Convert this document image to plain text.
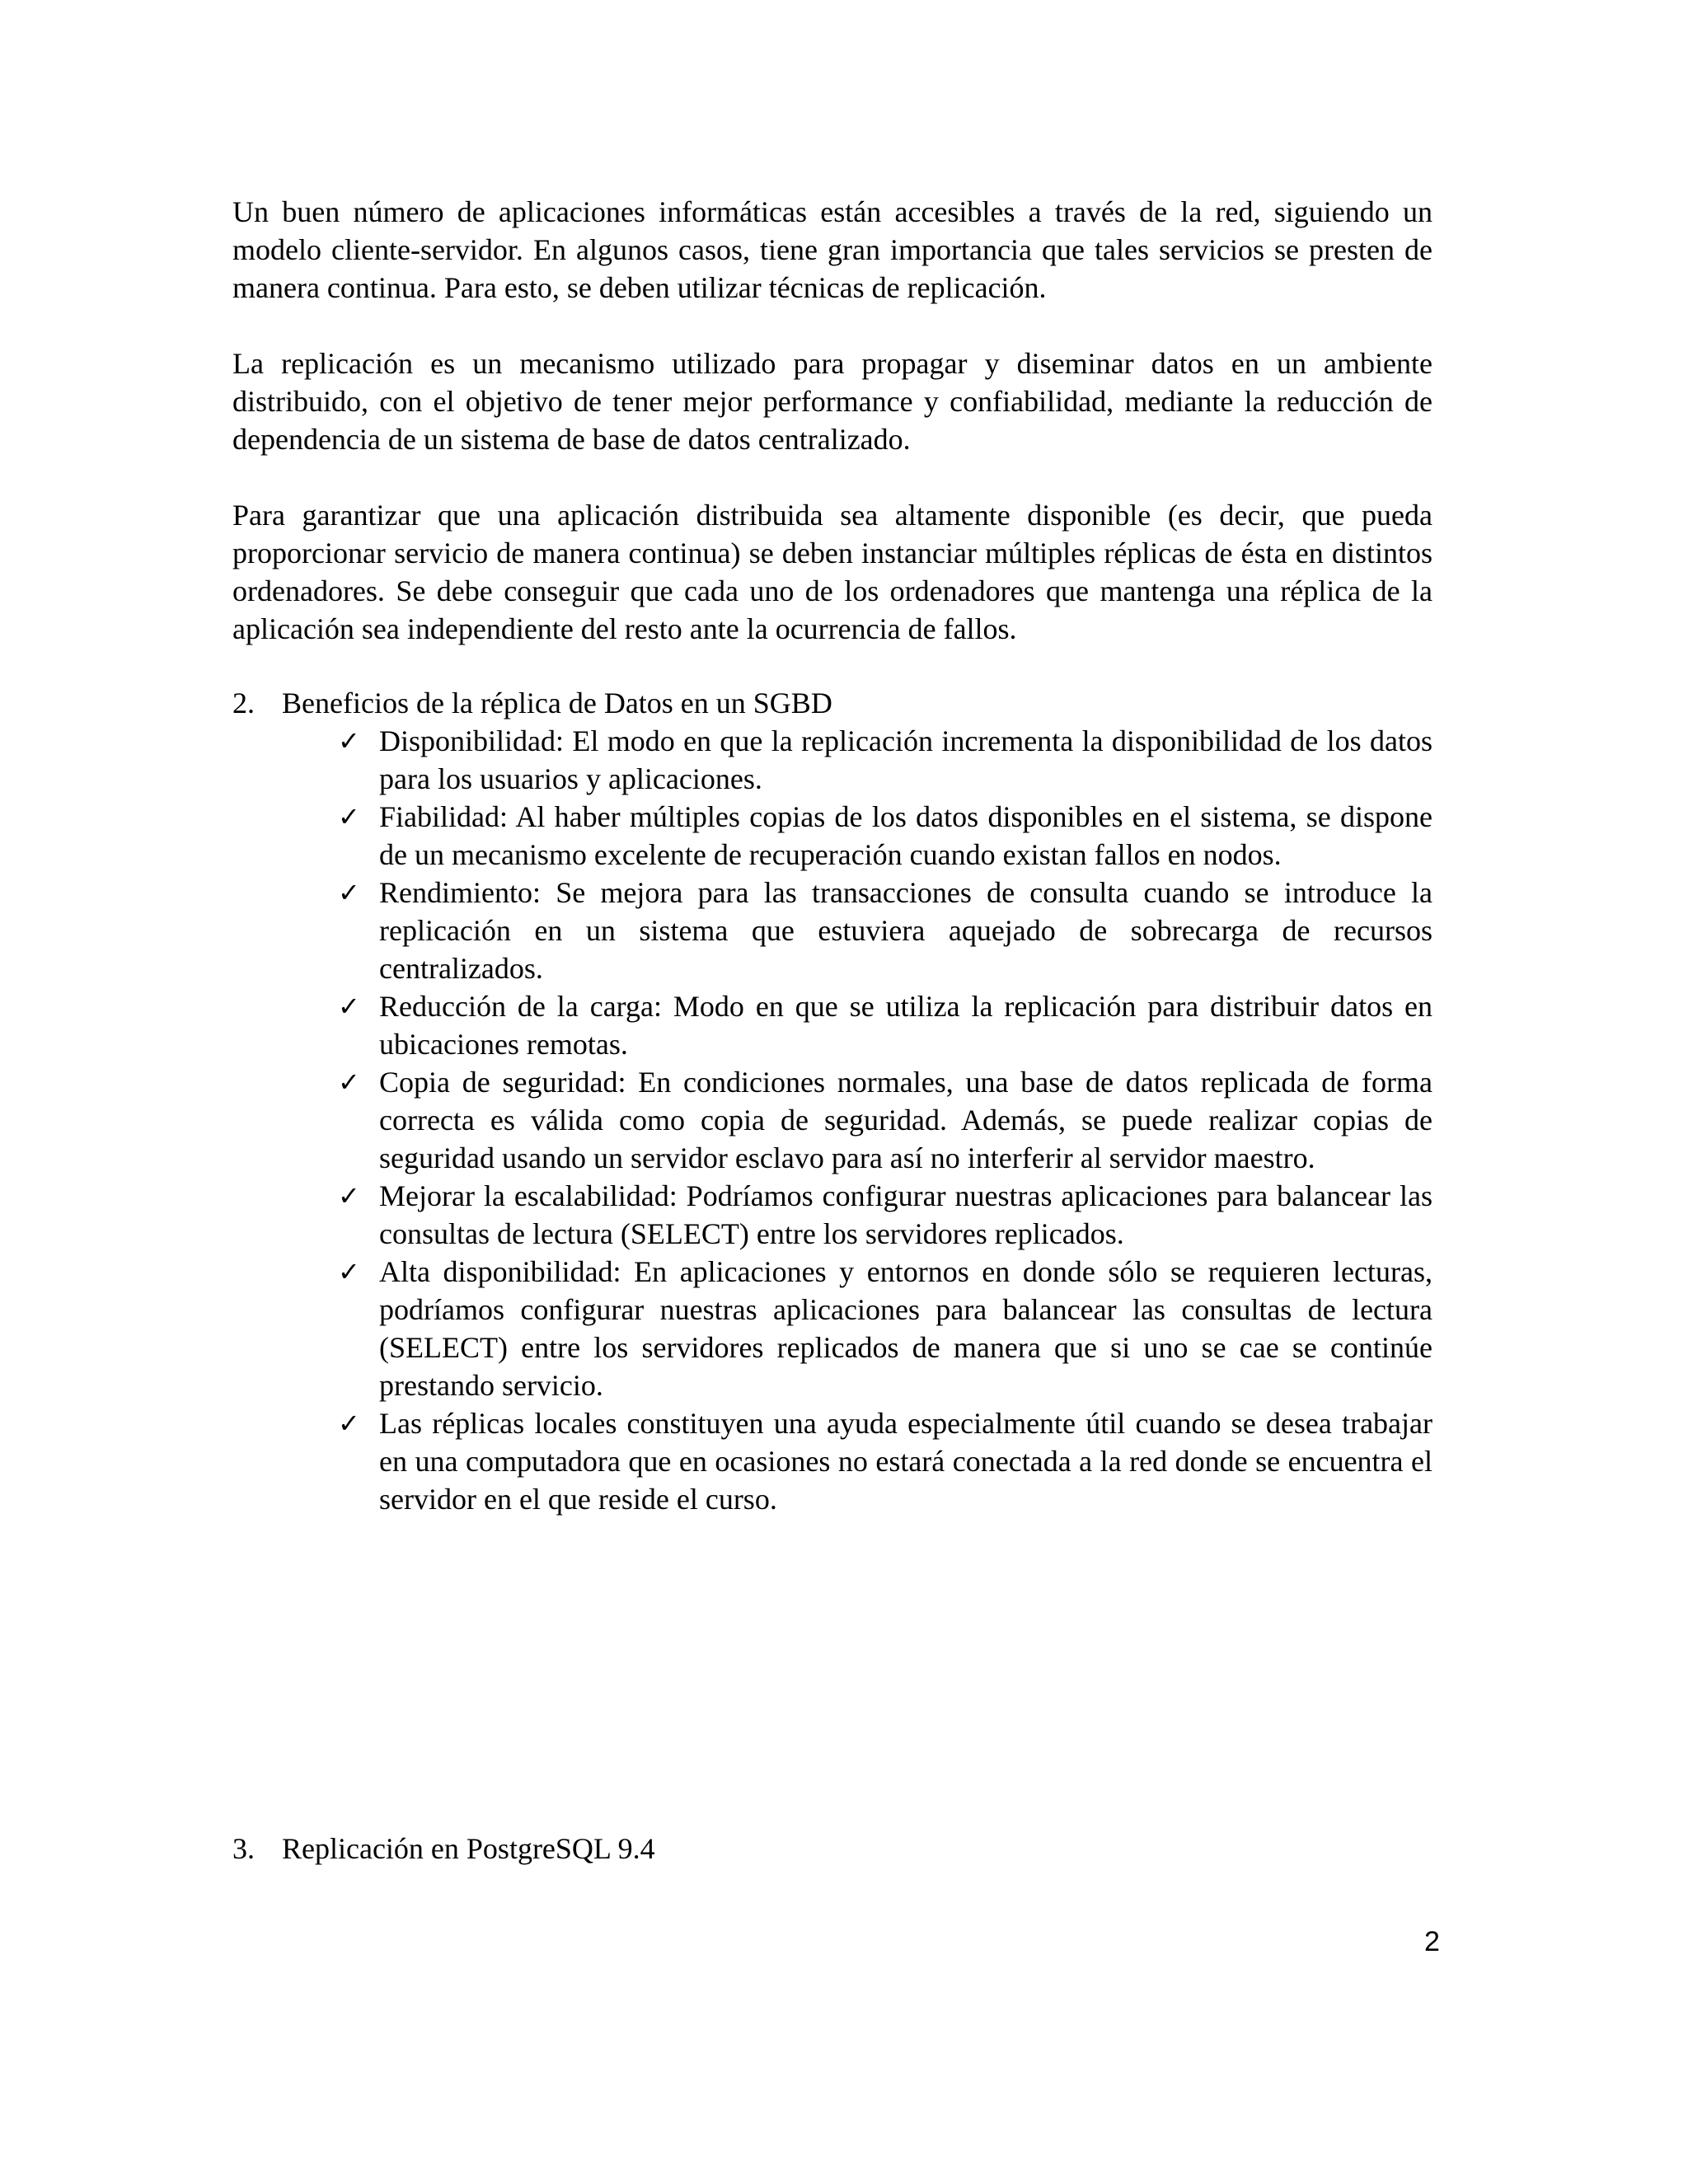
Un buen número de aplicaciones informáticas están accesibles a través de la red, siguiendo un modelo cliente-servidor. En algunos casos, tiene gran importancia que tales servicios se presten de manera continua. Para esto, se deben utilizar técnicas de replicación.

La replicación es un mecanismo utilizado para propagar y diseminar datos en un ambiente distribuido, con el objetivo de tener mejor performance y confiabilidad, mediante la reducción de dependencia de un sistema de base de datos centralizado.

Para garantizar que una aplicación distribuida sea altamente disponible (es decir, que pueda proporcionar servicio de manera continua) se deben instanciar múltiples réplicas de ésta en distintos ordenadores. Se debe conseguir que cada uno de los ordenadores que mantenga una réplica de la aplicación sea independiente del resto ante la ocurrencia de fallos.

2. Beneficios de la réplica de Datos en un SGBD
✓ Disponibilidad: El modo en que la replicación incrementa la disponibilidad de los datos para los usuarios y aplicaciones.
✓ Fiabilidad: Al haber múltiples copias de los datos disponibles en el sistema, se dispone de un mecanismo excelente de recuperación cuando existan fallos en nodos.
✓ Rendimiento: Se mejora para las transacciones de consulta cuando se introduce la replicación en un sistema que estuviera aquejado de sobrecarga de recursos centralizados.
✓ Reducción de la carga: Modo en que se utiliza la replicación para distribuir datos en ubicaciones remotas.
✓ Copia de seguridad: En condiciones normales, una base de datos replicada de forma correcta es válida como copia de seguridad. Además, se puede realizar copias de seguridad usando un servidor esclavo para así no interferir al servidor maestro.
✓ Mejorar la escalabilidad: Podríamos configurar nuestras aplicaciones para balancear las consultas de lectura (SELECT) entre los servidores replicados.
✓ Alta disponibilidad: En aplicaciones y entornos en donde sólo se requieren lecturas, podríamos configurar nuestras aplicaciones para balancear las consultas de lectura (SELECT) entre los servidores replicados de manera que si uno se cae se continúe prestando servicio.
✓ Las réplicas locales constituyen una ayuda especialmente útil cuando se desea trabajar en una computadora que en ocasiones no estará conectada a la red donde se encuentra el servidor en el que reside el curso.
3. Replicación en PostgreSQL 9.4
2
